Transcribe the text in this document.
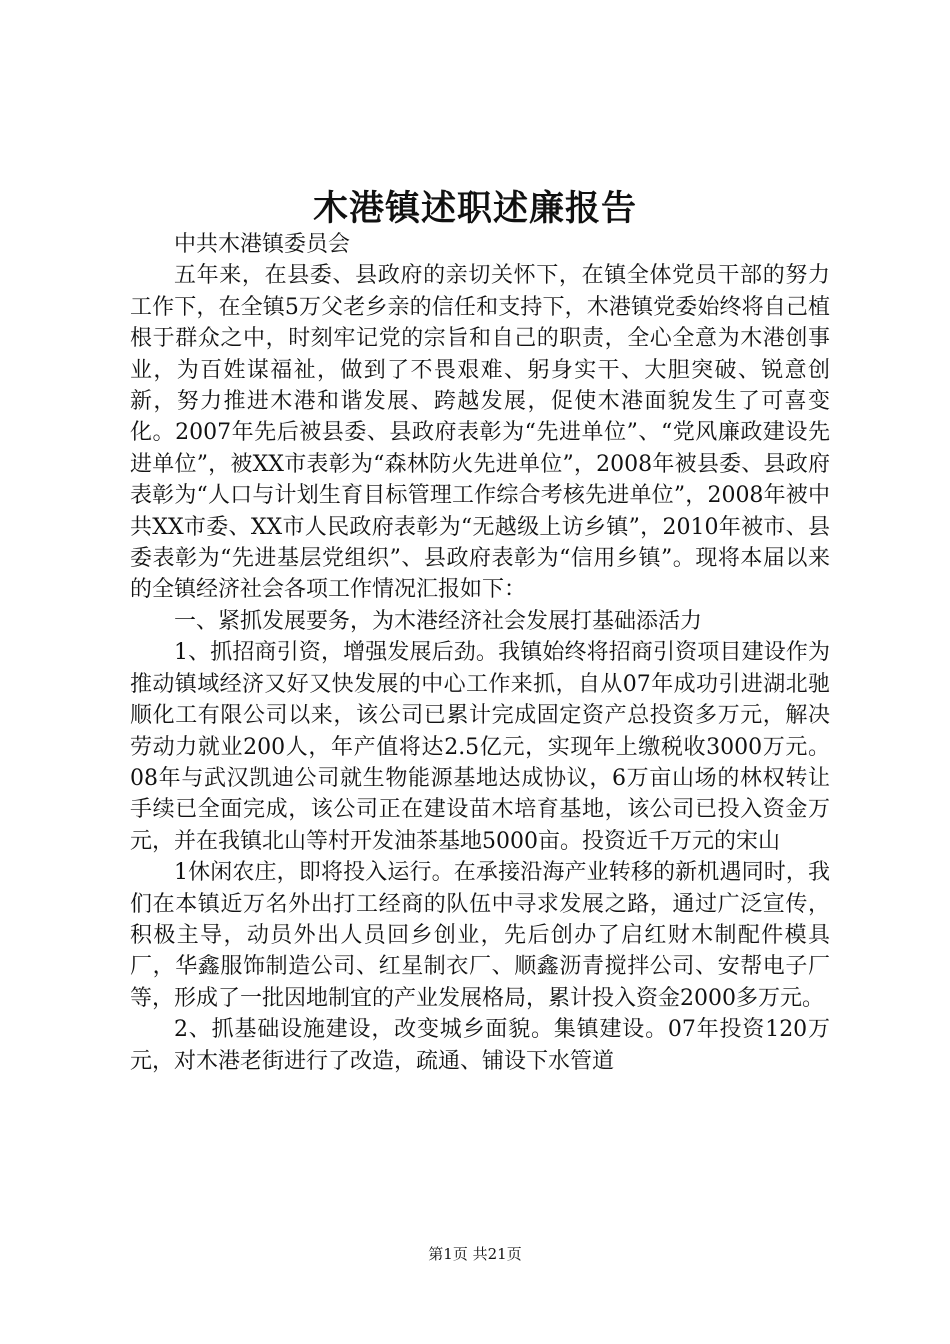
木港镇述职述廉报告

中共木港镇委员会

五年来，在县委、县政府的亲切关怀下，在镇全体党员干部的努力工作下，在全镇5万父老乡亲的信任和支持下，木港镇党委始终将自己植根于群众之中，时刻牢记党的宗旨和自己的职责，全心全意为木港创事业，为百姓谋福祉，做到了不畏艰难、躬身实干、大胆突破、锐意创新，努力推进木港和谐发展、跨越发展，促使木港面貌发生了可喜变化。2007年先后被县委、县政府表彰为“先进单位”、“党风廉政建设先进单位”，被XX市表彰为“森林防火先进单位”，2008年被县委、县政府表彰为“人口与计划生育目标管理工作综合考核先进单位”，2008年被中共XX市委、XX市人民政府表彰为“无越级上访乡镇”，2010年被市、县委表彰为“先进基层党组织”、县政府表彰为“信用乡镇”。现将本届以来的全镇经济社会各项工作情况汇报如下：

一、紧抓发展要务，为木港经济社会发展打基础添活力

1、抓招商引资，增强发展后劲。我镇始终将招商引资项目建设作为推动镇域经济又好又快发展的中心工作来抓，自从07年成功引进湖北驰顺化工有限公司以来，该公司已累计完成固定资产总投资多万元，解决劳动力就业200人，年产值将达2.5亿元，实现年上缴税收3000万元。08年与武汉凯迪公司就生物能源基地达成协议，6万亩山场的林权转让手续已全面完成，该公司正在建设苗木培育基地，该公司已投入资金万元，并在我镇北山等村开发油茶基地5000亩。投资近千万元的宋山

1休闲农庄，即将投入运行。在承接沿海产业转移的新机遇同时，我们在本镇近万名外出打工经商的队伍中寻求发展之路，通过广泛宣传，积极主导，动员外出人员回乡创业，先后创办了启红财木制配件模具厂，华鑫服饰制造公司、红星制衣厂、顺鑫沥青搅拌公司、安帮电子厂等，形成了一批因地制宜的产业发展格局，累计投入资金2000多万元。

2、抓基础设施建设，改变城乡面貌。集镇建设。07年投资120万元，对木港老街进行了改造，疏通、铺设下水管道

第1页 共21页
